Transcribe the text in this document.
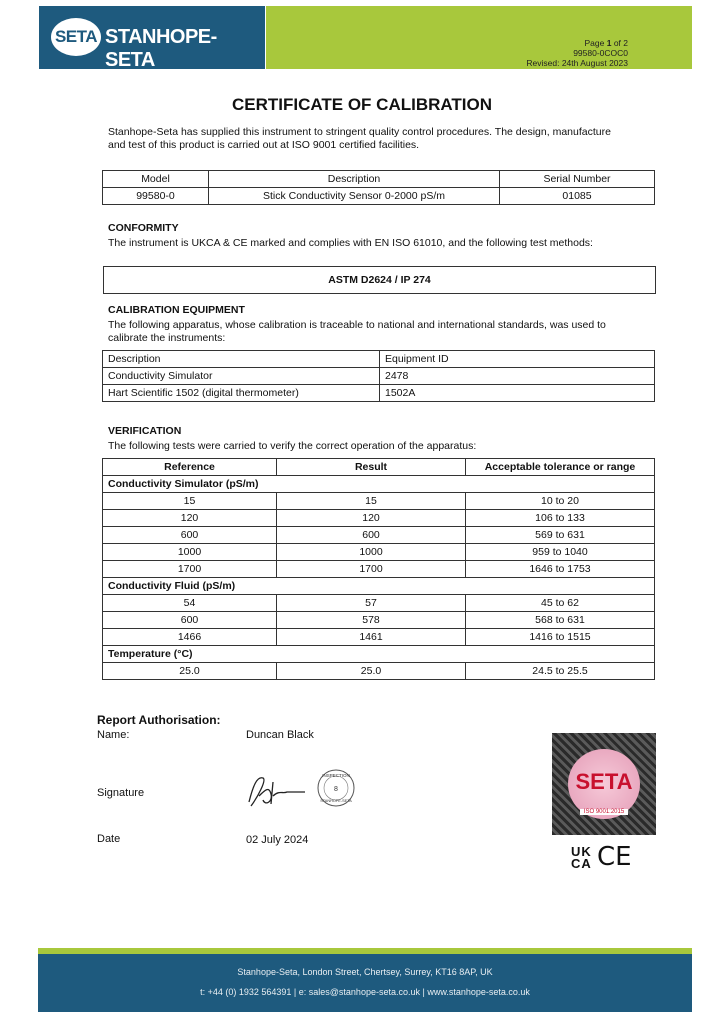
SETA STANHOPE-SETA
Page 1 of 2
99580-0COC0
Revised: 24th August 2023
CERTIFICATE OF CALIBRATION
Stanhope-Seta has supplied this instrument to stringent quality control procedures. The design, manufacture and test of this product is carried out at ISO 9001 certified facilities.
Model	Description	Serial Number
99580-0	Stick Conductivity Sensor 0-2000 pS/m	01085
CONFORMITY
The instrument is UKCA & CE marked and complies with EN ISO 61010, and the following test methods:
ASTM D2624 / IP 274
CALIBRATION EQUIPMENT
The following apparatus, whose calibration is traceable to national and international standards, was used to calibrate the instruments:
Description	Equipment ID
Conductivity Simulator	2478
Hart Scientific 1502 (digital thermometer)	1502A
VERIFICATION
The following tests were carried to verify the correct operation of the apparatus:
Reference	Result	Acceptable tolerance or range
Conductivity Simulator (pS/m)		
15	15	10 to 20
120	120	106 to 133
600	600	569 to 631
1000	1000	959 to 1040
1700	1700	1646 to 1753
Conductivity Fluid (pS/m)		
54	57	45 to 62
600	578	568 to 631
1466	1461	1416 to 1515
Temperature (°C)		
25.0	25.0	24.5 to 25.5
Report Authorisation:
Name:	Duncan Black
Signature
INSPECTION
8
STANHOPE-SETA
Date	02 July 2024
SETA
ISO 9001:2015
UK
CA CE
Stanhope-Seta, London Street, Chertsey, Surrey, KT16 8AP, UK
t: +44 (0) 1932 564391 | e: sales@stanhope-seta.co.uk | www.stanhope-seta.co.uk
